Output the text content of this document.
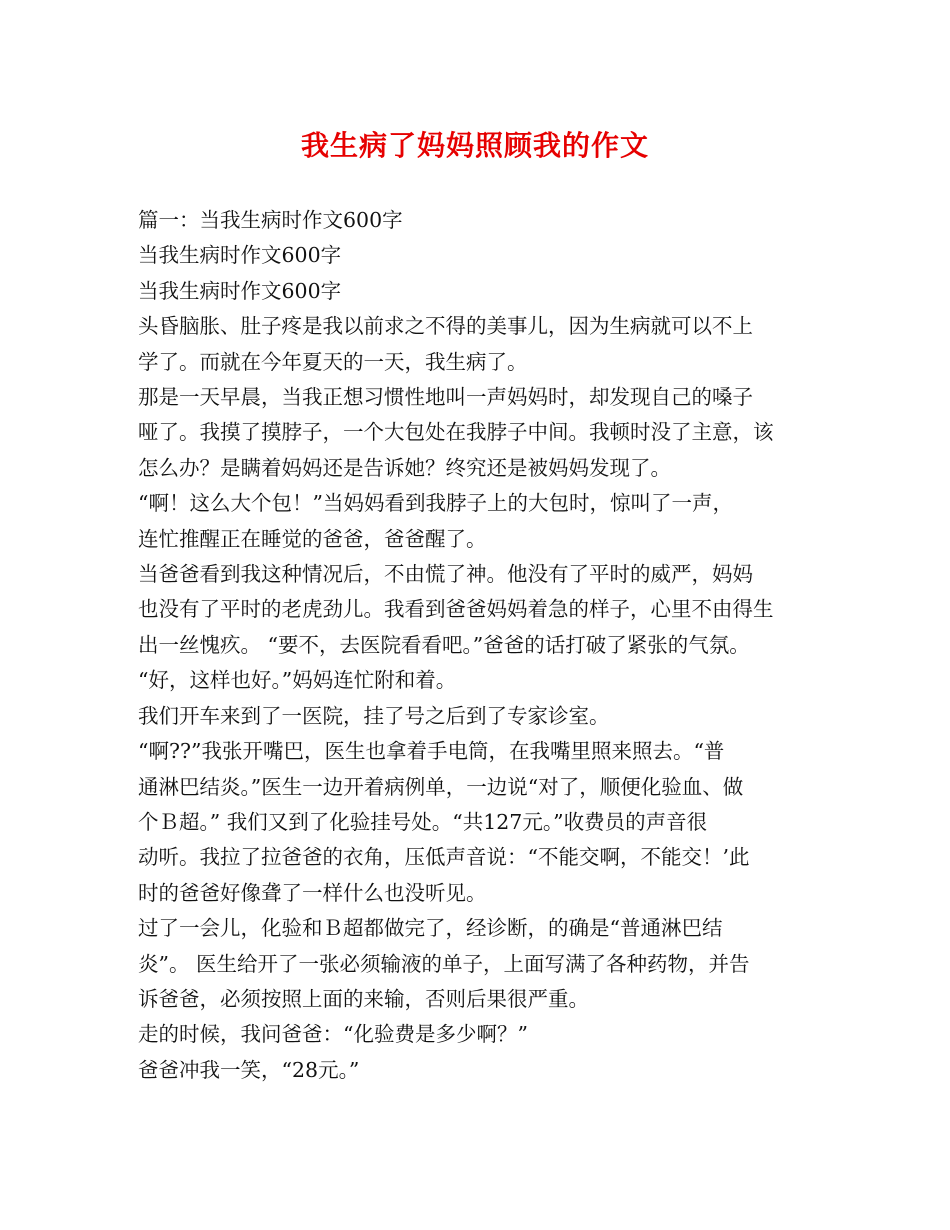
我生病了妈妈照顾我的作文

篇一：当我生病时作文600字

当我生病时作文600字

当我生病时作文600字

头昏脑胀、肚子疼是我以前求之不得的美事儿，因为生病就可以不上

学了。而就在今年夏天的一天，我生病了。

那是一天早晨，当我正想习惯性地叫一声妈妈时，却发现自己的嗓子

哑了。我摸了摸脖子，一个大包处在我脖子中间。我顿时没了主意，该

怎么办？是瞒着妈妈还是告诉她？终究还是被妈妈发现了。

“啊！这么大个包！”当妈妈看到我脖子上的大包时，惊叫了一声，

连忙推醒正在睡觉的爸爸，爸爸醒了。

当爸爸看到我这种情况后，不由慌了神。他没有了平时的威严，妈妈

也没有了平时的老虎劲儿。我看到爸爸妈妈着急的样子，心里不由得生

出一丝愧疚。 “要不，去医院看看吧。”爸爸的话打破了紧张的气氛。

“好，这样也好。”妈妈连忙附和着。

我们开车来到了一医院，挂了号之后到了专家诊室。

“啊??”我张开嘴巴，医生也拿着手电筒，在我嘴里照来照去。“普

通淋巴结炎。”医生一边开着病例单，一边说“对了，顺便化验血、做

个Ｂ超。” 我们又到了化验挂号处。“共127元。”收费员的声音很

动听。我拉了拉爸爸的衣角，压低声音说：“不能交啊，不能交！’此

时的爸爸好像聋了一样什么也没听见。

过了一会儿，化验和Ｂ超都做完了，经诊断，的确是“普通淋巴结

炎”。 医生给开了一张必须输液的单子，上面写满了各种药物，并告

诉爸爸，必须按照上面的来输，否则后果很严重。

走的时候，我问爸爸：“化验费是多少啊？”

爸爸冲我一笑，“28元。”
